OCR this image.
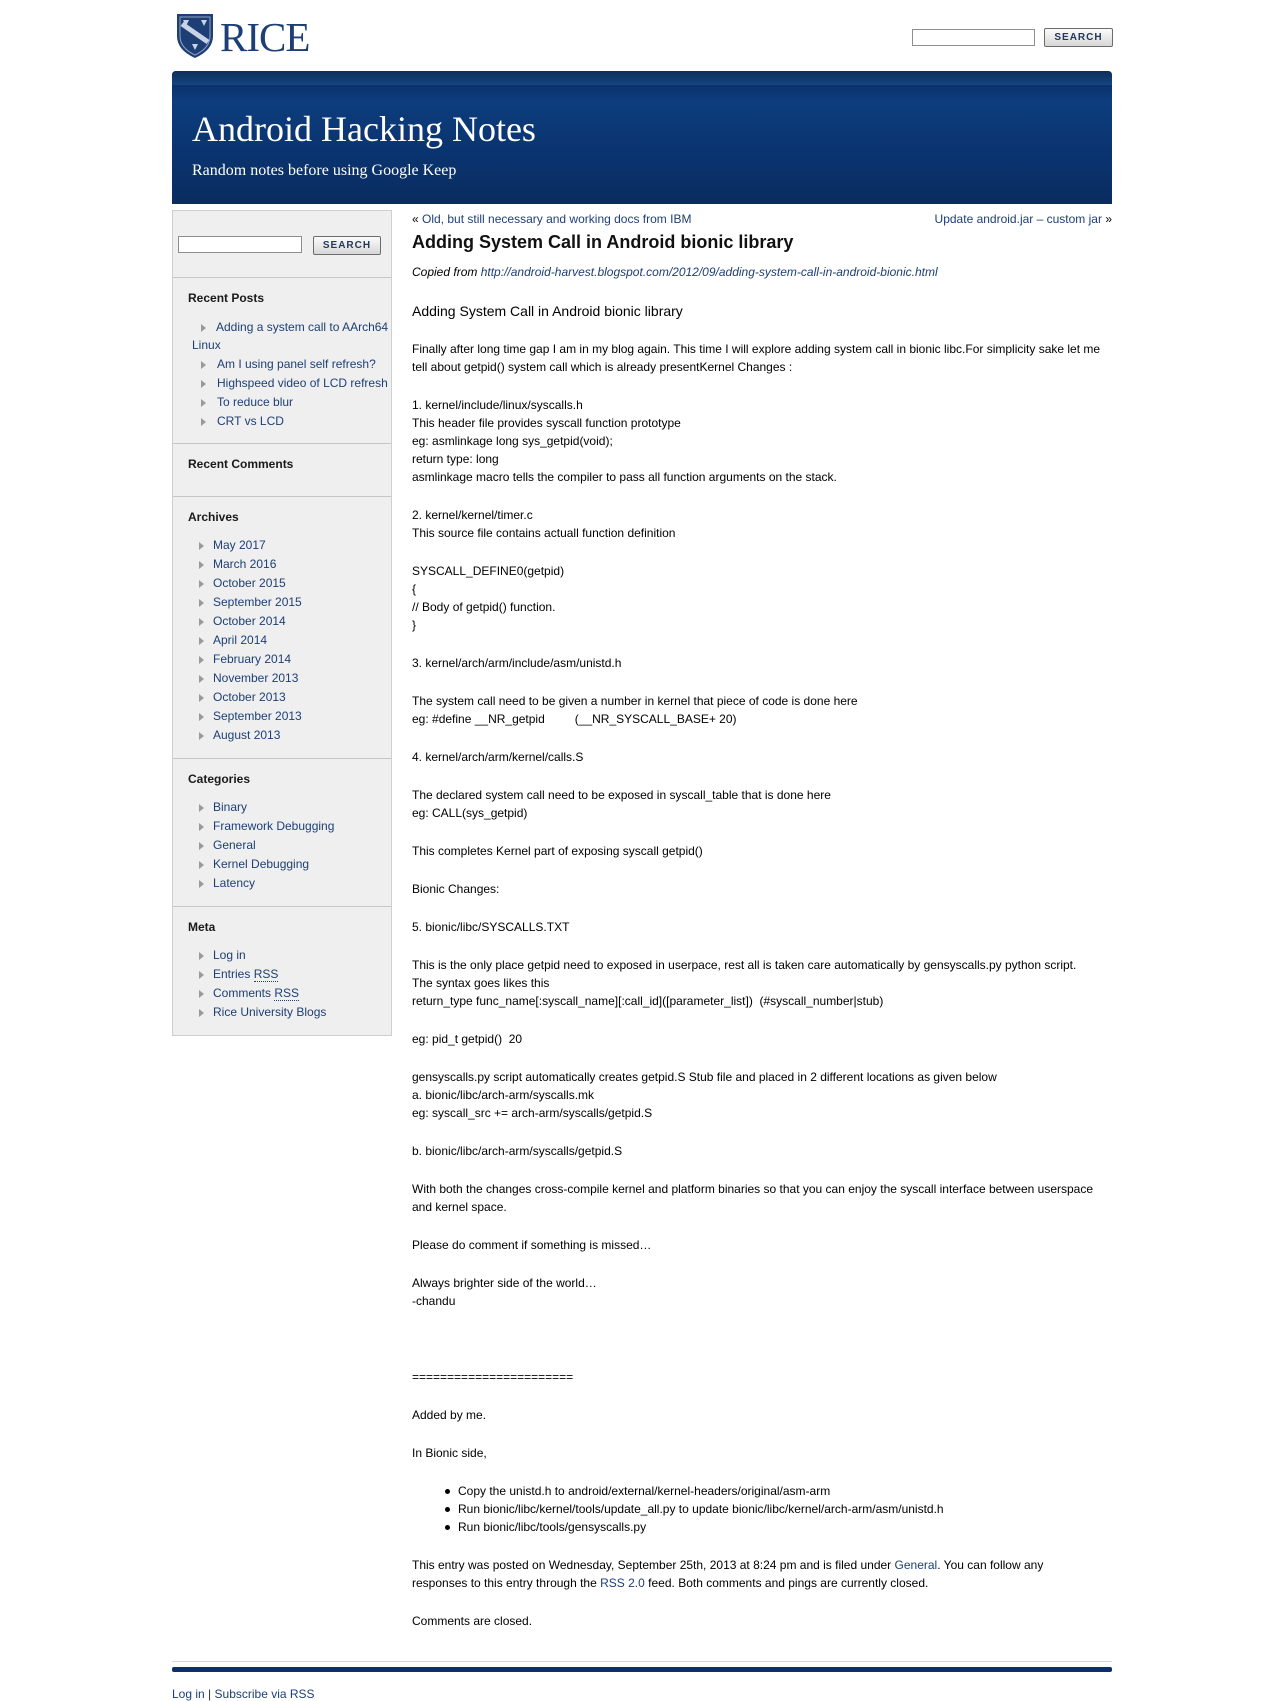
RICE	SEARCH
Android Hacking Notes

Random notes before using Google Keep

SEARCH
Recent Posts
Adding a system call to AArch64
Linux
Am I using panel self refresh?
Highspeed video of LCD refresh
To reduce blur
CRT vs LCD
Recent Comments
Archives
May 2017
March 2016
October 2015
September 2015
October 2014
April 2014
February 2014
November 2013
October 2013
September 2013
August 2013
Categories
Binary
Framework Debugging
General
Kernel Debugging
Latency
Meta
Log in
Entries RSS
Comments RSS
Rice University Blogs
« Old, but still necessary and working docs from IBM	Update android.jar – custom jar »
Adding System Call in Android bionic library
Copied from http://android-harvest.blogspot.com/2012/09/adding-system-call-in-android-bionic.html
Adding System Call in Android bionic library
Finally after long time gap I am in my blog again. This time I will explore adding system call in bionic libc.For simplicity sake let me
tell about getpid() system call which is already presentKernel Changes :
1. kernel/include/linux/syscalls.h
This header file provides syscall function prototype
eg: asmlinkage long sys_getpid(void);
return type: long
asmlinkage macro tells the compiler to pass all function arguments on the stack.
2. kernel/kernel/timer.c
This source file contains actuall function definition
SYSCALL_DEFINE0(getpid)
{
// Body of getpid() function.
}
3. kernel/arch/arm/include/asm/unistd.h
The system call need to be given a number in kernel that piece of code is done here
eg: #define __NR_getpid         (__NR_SYSCALL_BASE+ 20)
4. kernel/arch/arm/kernel/calls.S
The declared system call need to be exposed in syscall_table that is done here
eg: CALL(sys_getpid)
This completes Kernel part of exposing syscall getpid()
Bionic Changes:
5. bionic/libc/SYSCALLS.TXT
This is the only place getpid need to exposed in userpace, rest all is taken care automatically by gensyscalls.py python script.
The syntax goes likes this
return_type func_name[:syscall_name][:call_id]([parameter_list])  (#syscall_number|stub)
eg: pid_t getpid()  20
gensyscalls.py script automatically creates getpid.S Stub file and placed in 2 different locations as given below
a. bionic/libc/arch-arm/syscalls.mk
eg: syscall_src += arch-arm/syscalls/getpid.S
b. bionic/libc/arch-arm/syscalls/getpid.S
With both the changes cross-compile kernel and platform binaries so that you can enjoy the syscall interface between userspace
and kernel space.
Please do comment if something is missed…
Always brighter side of the world…
-chandu
=======================
Added by me.
In Bionic side,
Copy the unistd.h to android/external/kernel-headers/original/asm-arm
Run bionic/libc/kernel/tools/update_all.py to update bionic/libc/kernel/arch-arm/asm/unistd.h
Run bionic/libc/tools/gensyscalls.py
This entry was posted on Wednesday, September 25th, 2013 at 8:24 pm and is filed under General. You can follow any
responses to this entry through the RSS 2.0 feed. Both comments and pings are currently closed.
Comments are closed.
Log in | Subscribe via RSS
